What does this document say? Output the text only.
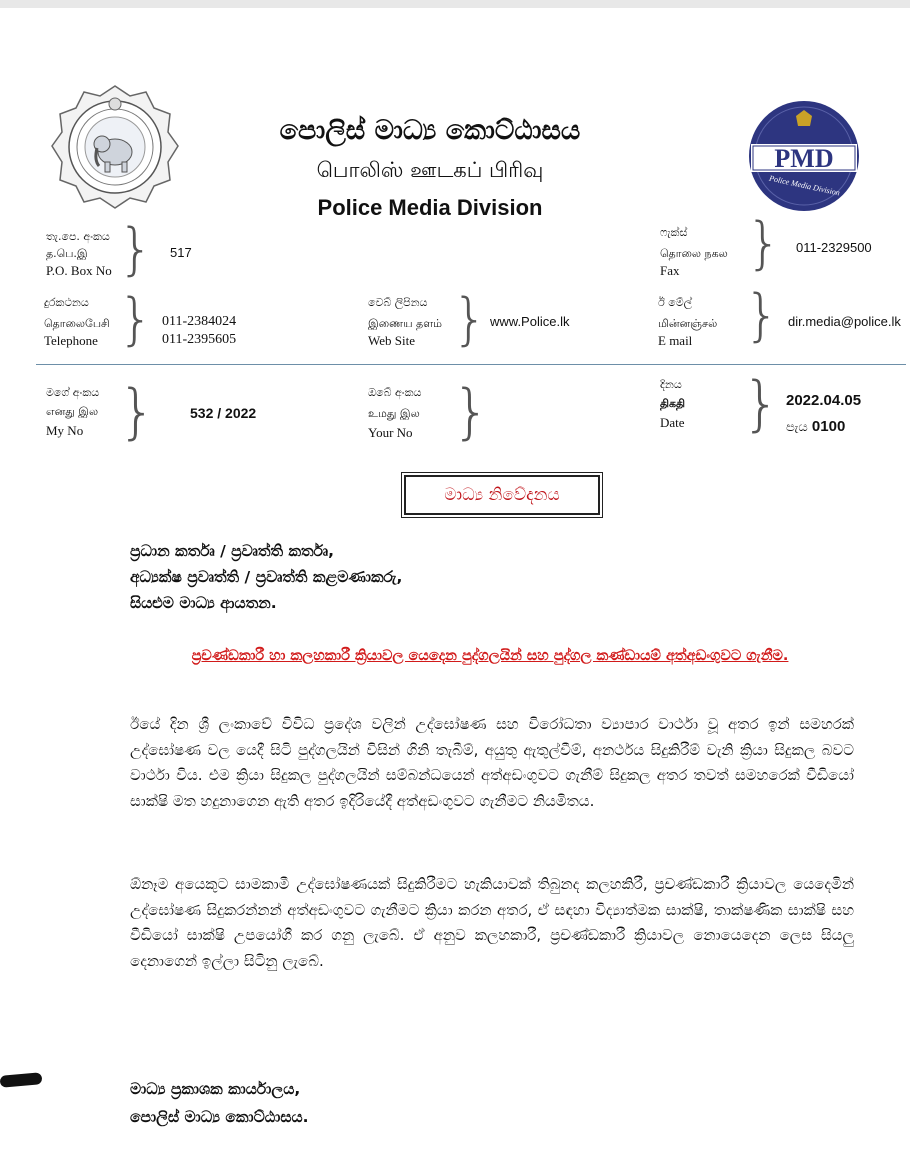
PMD
Police Media Division
පොලිස් මාධ්‍ය කොට්ඨාසය
பொலிஸ் ஊடகப் பிரிவு
Police Media Division
තැ.පෙ. අංකය
த.பெ.இ
P.O. Box No } 517
ෆැක්ස්
தொலை நகல
Fax	} 011-2329500
දුරකථනය
தொலைபேசி
Telephone } 011-2384024
011-2395605
වෙබ් ලිපිනය
இணைய தளம்
Web Site } www.Police.lk
ඊ මේල්
மின்னஞ்சல்
E mail } dir.media@police.lk
මගේ අංකය
எனது இல
My No } 532 / 2022
ඔබේ අංකය
உமது இல
Your No }	දිනය
திகதி
Date } 2022.04.05
පැය 0100
මාධ්‍ය නිවේදනය
ප්‍රධාන කර්තෘ / ප්‍රවෘත්ති කර්තෘ,
අධ්‍යක්ෂ ප්‍රවෘත්ති / ප්‍රවෘත්ති කළමණාකරු,
සියළුම මාධ්‍ය ආයතන.
ප්‍රචණ්ඩකාරී හා කලහකාරී ක්‍රියාවල යෙදෙන පුද්ගලයින් සහ පුද්ගල කණ්ඩායම් අත්අඩංගුවට ගැනීම.
ඊයේ දින ශ්‍රී ලංකාවේ විවිධ ප්‍රදේශ වලින් උද්ඝෝෂණ සහ විරෝධතා ව්‍යාපාර වාර්ථා වූ අතර ඉන් සමහරක් උද්ඝෝෂණ වල යෙදී සිටි පුද්ගලයින් විසින් ගිනි තැබීම්, අයුතු ඇතුල්වීම්, අනර්ථය සිදුකිරීම් වැනි ක්‍රියා සිදුකල බවට වාර්ථා විය. එම ක්‍රියා සිදුකල පුද්ගලයින් සම්බන්ධයෙන් අත්අඩංගුවට ගැනීම් සිදුකල අතර තවත් සමහරෙක් වීඩියෝ සාක්ෂි මත හදුනාගෙන ඇති අතර ඉදිරියේදී අත්අඩංගුවට ගැනීමට නියමිතය.
ඕනෑම අයෙකුට සාමකාමී උද්ඝෝෂණයක් සිදුකිරීමට හැකියාවක් තිබුනද කලහකිරී, ප්‍රචණ්ඩකාරී ක්‍රියාවල යෙදෙමින් උද්ඝෝෂණ සිදුකරන්නන් අත්අඩංගුවට ගැනීමට ක්‍රියා කරන අතර, ඒ සඳහා විද්‍යාත්මක සාක්ෂි, තාක්ෂණික සාක්ෂි සහ වීඩියෝ සාක්ෂි උපයෝගී කර ගනු ලැබේ. ඒ අනුව කලහකාරී, ප්‍රචණ්ඩකාරී ක්‍රියාවල නොයෙදෙන ලෙස සියලු දෙනාගෙන් ඉල්ලා සිටිනු ලැබේ.
මාධ්‍ය ප්‍රකාශක කාර්යාලය,
පොලිස් මාධ්‍ය කොට්ඨාසය.
